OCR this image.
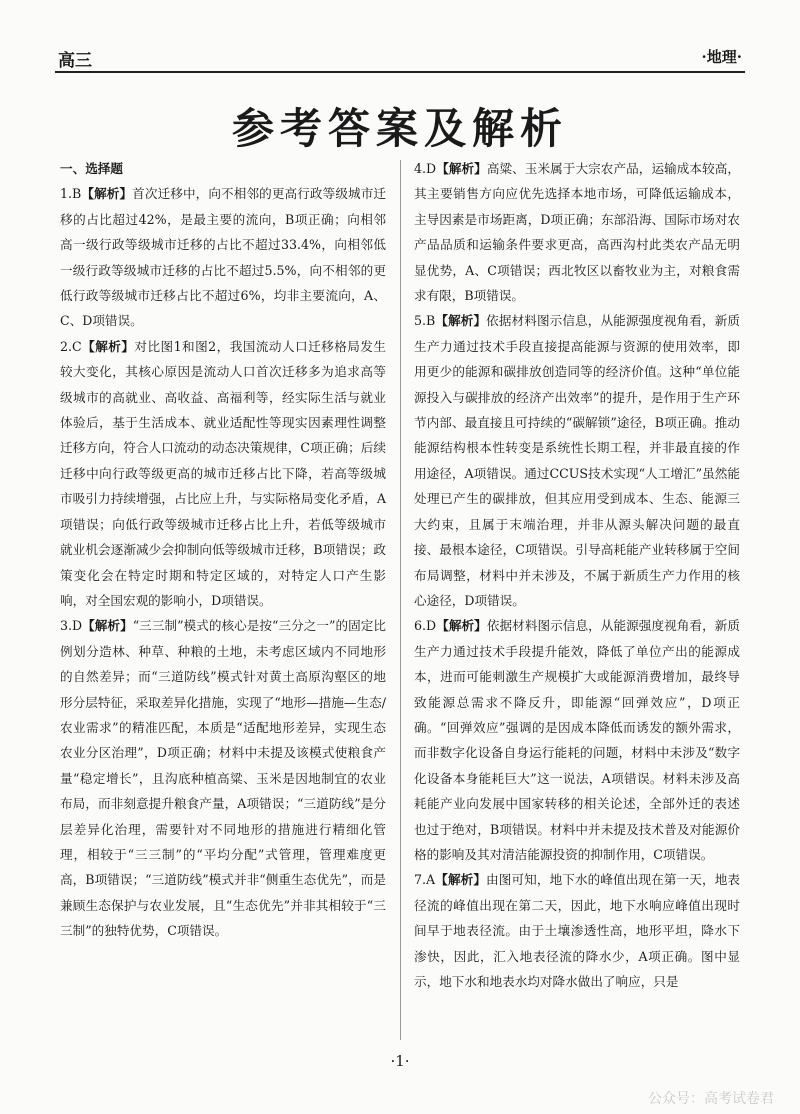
高三	·地理·
参考答案及解析

一、选择题

1.B【解析】首次迁移中，向不相邻的更高行政等级城市迁移的占比超过42%，是最主要的流向，B项正确；向相邻高一级行政等级城市迁移的占比不超过33.4%，向相邻低一级行政等级城市迁移的占比不超过5.5%，向不相邻的更低行政等级城市迁移占比不超过6%，均非主要流向，A、C、D项错误。

2.C【解析】对比图1和图2，我国流动人口迁移格局发生较大变化，其核心原因是流动人口首次迁移多为追求高等级城市的高就业、高收益、高福利等，经实际生活与就业体验后，基于生活成本、就业适配性等现实因素理性调整迁移方向，符合人口流动的动态决策规律，C项正确；后续迁移中向行政等级更高的城市迁移占比下降，若高等级城市吸引力持续增强，占比应上升，与实际格局变化矛盾，A项错误；向低行政等级城市迁移占比上升，若低等级城市就业机会逐渐减少会抑制向低等级城市迁移，B项错误；政策变化会在特定时期和特定区域的，对特定人口产生影响，对全国宏观的影响小，D项错误。

3.D【解析】“三三制”模式的核心是按“三分之一”的固定比例划分造林、种草、种粮的土地，未考虑区域内不同地形的自然差异；而“三道防线”模式针对黄土高原沟壑区的地形分层特征，采取差异化措施，实现了“地形—措施—生态/农业需求”的精准匹配，本质是“适配地形差异，实现生态农业分区治理”，D项正确；材料中未提及该模式使粮食产量“稳定增长”，且沟底种植高粱、玉米是因地制宜的农业布局，而非刻意提升粮食产量，A项错误；“三道防线”是分层差异化治理，需要针对不同地形的措施进行精细化管理，相较于“三三制”的“平均分配”式管理，管理难度更高，B项错误；“三道防线”模式并非“侧重生态优先”，而是兼顾生态保护与农业发展，且“生态优先”并非其相较于“三三制”的独特优势，C项错误。

4.D【解析】高粱、玉米属于大宗农产品，运输成本较高，其主要销售方向应优先选择本地市场，可降低运输成本，主导因素是市场距离，D项正确；东部沿海、国际市场对农产品品质和运输条件要求更高，高西沟村此类农产品无明显优势，A、C项错误；西北牧区以畜牧业为主，对粮食需求有限，B项错误。

5.B【解析】依据材料图示信息，从能源强度视角看，新质生产力通过技术手段直接提高能源与资源的使用效率，即用更少的能源和碳排放创造同等的经济价值。这种“单位能源投入与碳排放的经济产出效率”的提升，是作用于生产环节内部、最直接且可持续的“碳解锁”途径，B项正确。推动能源结构根本性转变是系统性长期工程，并非最直接的作用途径，A项错误。通过CCUS技术实现“人工增汇”虽然能处理已产生的碳排放，但其应用受到成本、生态、能源三大约束，且属于末端治理，并非从源头解决问题的最直接、最根本途径，C项错误。引导高耗能产业转移属于空间布局调整，材料中并未涉及，不属于新质生产力作用的核心途径，D项错误。

6.D【解析】依据材料图示信息，从能源强度视角看，新质生产力通过技术手段提升能效，降低了单位产出的能源成本，进而可能刺激生产规模扩大或能源消费增加，最终导致能源总需求不降反升，即能源“回弹效应”，D项正确。“回弹效应”强调的是因成本降低而诱发的额外需求，而非数字化设备自身运行能耗的问题，材料中未涉及“数字化设备本身能耗巨大”这一说法，A项错误。材料未涉及高耗能产业向发展中国家转移的相关论述，全部外迁的表述也过于绝对，B项错误。材料中并未提及技术普及对能源价格的影响及其对清洁能源投资的抑制作用，C项错误。

7.A【解析】由图可知，地下水的峰值出现在第一天，地表径流的峰值出现在第二天，因此，地下水响应峰值出现时间早于地表径流。由于土壤渗透性高，地形平坦，降水下渗快，因此，汇入地表径流的降水少，A项正确。图中显示，地下水和地表水均对降水做出了响应，只是

·1·
公众号：高考试卷君
